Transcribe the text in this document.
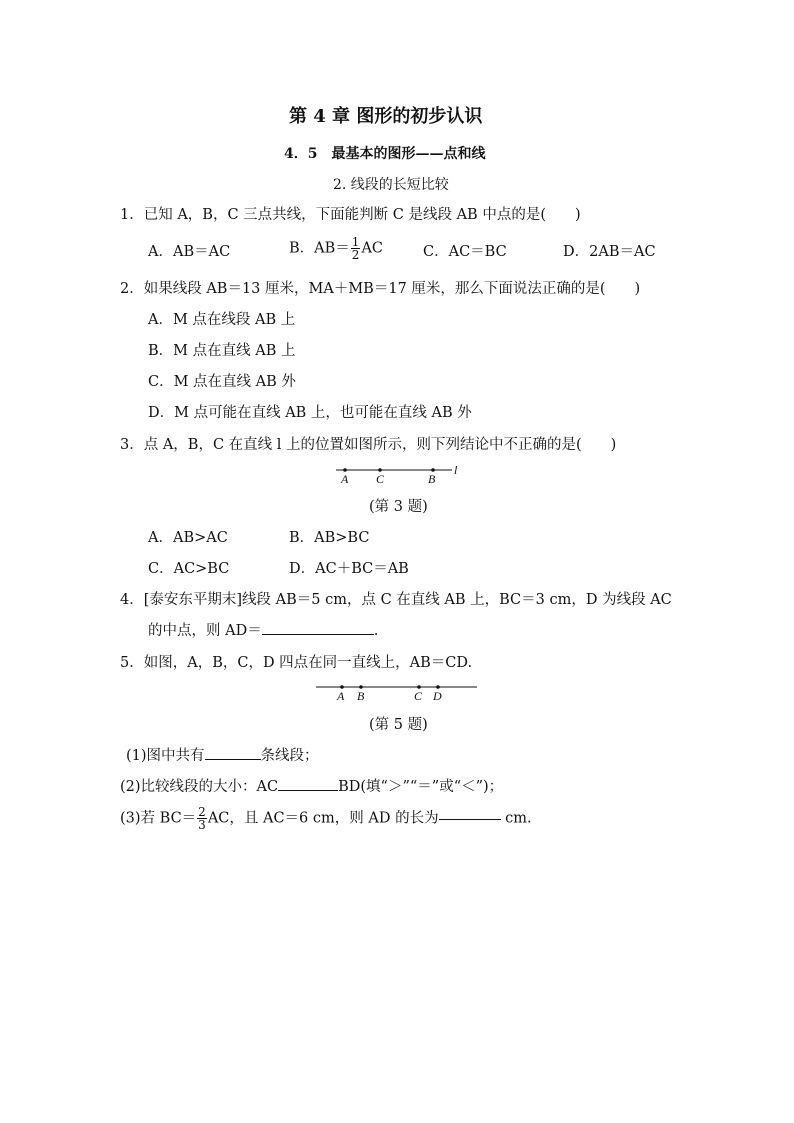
第 4 章 图形的初步认识
4．5　最基本的图形——点和线
2. 线段的长短比较
1．已知 A，B，C 三点共线，下面能判断 C 是线段 AB 中点的是(　　)
A．AB＝AC	B．$AB= \frac{1}{2}$ AC	C．AC＝BC	D．2AB＝AC
2．如果线段 AB＝13 厘米，MA＋MB＝17 厘米，那么下面说法正确的是(　　)
A．M 点在线段 AB 上
B．M 点在直线 AB 上
C．M 点在直线 AB 外
D．M 点可能在直线 AB 上，也可能在直线 AB 外
3．点 A，B，C 在直线 l 上的位置如图所示，则下列结论中不正确的是(　　)
A C	B
l
(第 3 题)
A．AB>AC	B．AB>BC
C．AC>BC	D．AC＋BC＝AB
4．[泰安东平期末]线段 AB＝5 cm，点 C 在直线 AB 上，BC＝3 cm，D 为线段 AC
的中点，则 AD＝	.
5．如图，A，B，C，D 四点在同一直线上，AB＝CD.
A B	C D
(第 5 题)
(1)图中共有	条线段；
(2)比较线段的大小：AC	BD(填“＞”“＝”或“＜”)；
(3)若 $BC= \frac{2}{3}$ AC，且 AC＝6 cm，则 AD 的长为	cm.
